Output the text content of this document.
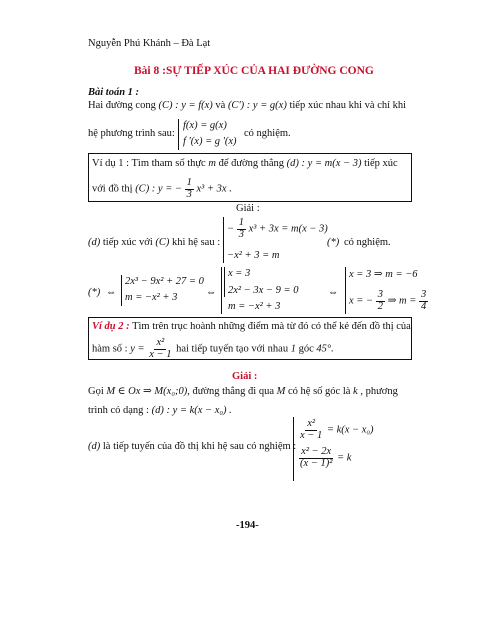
Nguyễn Phú Khánh – Đà Lạt
Bài 8 :SỰ TIẾP XÚC CỦA HAI ĐƯỜNG CONG
Bài toán 1 :
Hai đường cong (C) : y = f(x) và (C') : y = g(x) tiếp xúc nhau khi và chỉ khi
hệ phương trình sau:
f(x) = g(x)
f '(x) = g '(x)
có nghiệm.
Ví dụ 1 : Tìm tham số thực m để đường thẳng (d) : y = m(x − 3) tiếp xúc
với đồ thị (C) : y = − $\frac{1}{3} x^3 + 3x$ .
Giải :
(d) tiếp xúc với (C) khi hệ sau :
− $\frac{1}{3} x^3 + 3x = m(x - 3)$
−x² + 3 = m
(*) có nghiệm.
(*) ⇔
2x³ − 9x² + 27 = 0
m = −x² + 3	⇔
x = 3
2x² − 3x − 9 = 0
m = −x² + 3
⇔
x = 3 ⇒ m = −6
x = − $\frac{3}{2}$ ⇒ $m = \frac{3}{4}$
Ví dụ 2 : Tìm trên trục hoành những điểm mà từ đó có thể kẻ đến đồ thị của
hàm số : $y = \frac{\text{x²}}{x - 1}$ hai tiếp tuyến tạo với nhau 1 góc 45°.
Giải :
Gọi M ∈ Ox ⇒ M(x₀;0), đường thẳng đi qua M có hệ số góc là k , phương
trình có dạng : (d) : y = k(x − x₀) .
(d) là tiếp tuyến của đồ thị khi hệ sau có nghiệm :
$\frac{\text{x²}}{x - 1} = k(x - x_0)$
$\frac{\text{x² − 2x}}{\text{(x − 1)²}} = k$
-194-
